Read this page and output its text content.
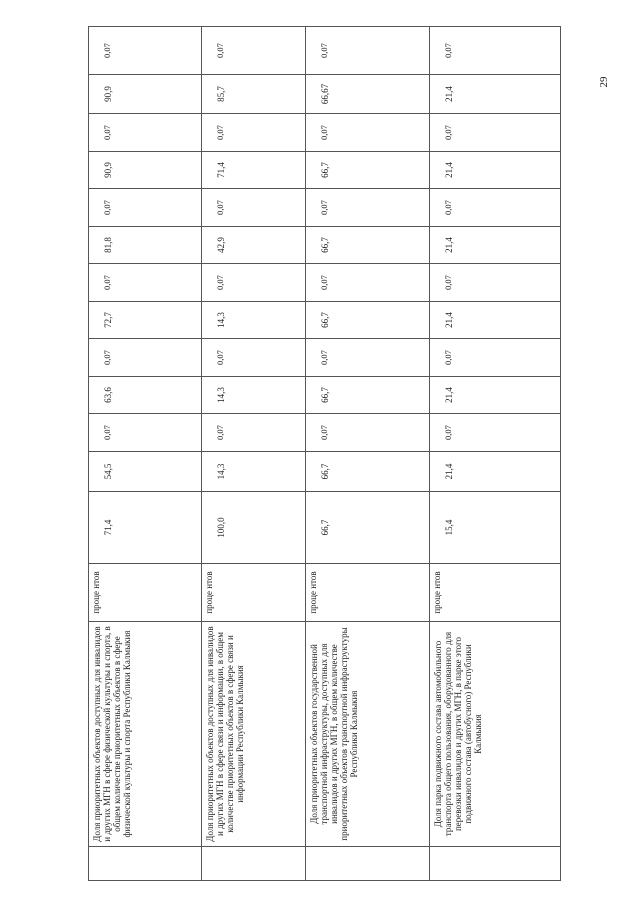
29
	Доля приоритетных объектов доступных для инвалидов и других МГН в сфере физической культуры и спорта, в общем количестве приоритетных объектов в сфере физической культуры и спорта Республики Калмыкия	проце нтов	71,4	54,5	0,07	63,6	0,07	72,7	0,07	81,8	0,07	90,9	0,07	90,9	0,07
	Доля приоритетных объектов доступных для инвалидов и других МГН в сфере связи и информации, в общем количестве приоритетных объектов в сфере связи и информации Республики Калмыкия	проце нтов	100,0	14,3	0,07	14,3	0,07	14,3	0,07	42,9	0,07	71,4	0,07	85,7	0,07
	Доля приоритетных объектов государственной транспортной инфраструктуры, доступных для инвалидов и других МГН, в общем количестве приоритетных объектов транспортной инфраструктуры Республики Калмыкия	проце нтов	66,7	66,7	0,07	66,7	0,07	66,7	0,07	66,7	0,07	66,7	0,07	66,67	0,07
	Доля парка подвижного состава автомобильного транспорта общего пользования, оборудованного для перевозки инвалидов и других МГН, в парке этого подвижного состава (автобусного) Республики Калмыкия	проце нтов	15,4	21,4	0,07	21,4	0,07	21,4	0,07	21,4	0,07	21,4	0,07	21,4	0,07
